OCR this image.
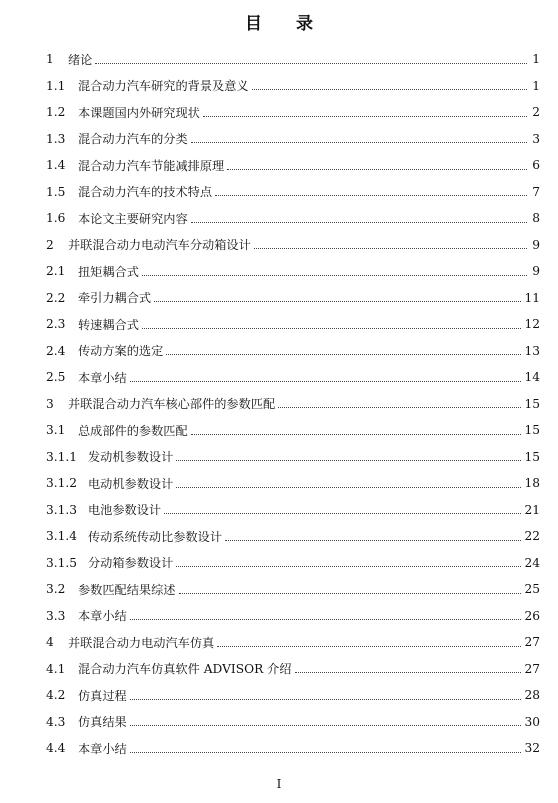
目 录
1	绪论	1
1.1	混合动力汽车研究的背景及意义	1
1.2	本课题国内外研究现状	2
1.3	混合动力汽车的分类	3
1.4	混合动力汽车节能减排原理	6
1.5	混合动力汽车的技术特点	7
1.6	本论文主要研究内容	8
2	并联混合动力电动汽车分动箱设计	9
2.1	扭矩耦合式	9
2.2	牵引力耦合式	11
2.3	转速耦合式	12
2.4	传动方案的选定	13
2.5	本章小结	14
3	并联混合动力汽车核心部件的参数匹配	15
3.1	总成部件的参数匹配	15
3.1.1 发动机参数设计	15
3.1.2 电动机参数设计	18
3.1.3 电池参数设计	21
3.1.4 传动系统传动比参数设计	22
3.1.5 分动箱参数设计	24
3.2	参数匹配结果综述	25
3.3	本章小结	26
4	并联混合动力电动汽车仿真	27
4.1	混合动力汽车仿真软件 ADVISOR 介绍	27
4.2	仿真过程	28
4.3	仿真结果	30
4.4	本章小结	32

I
